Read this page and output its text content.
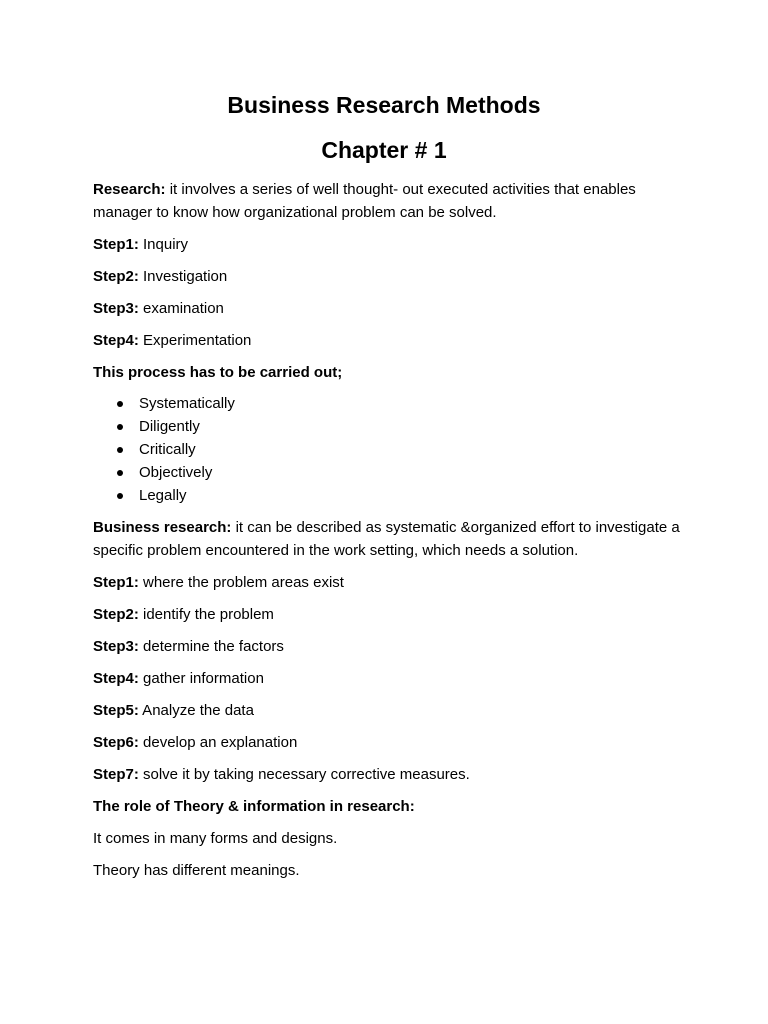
Business Research Methods
Chapter # 1

Research: it involves a series of well thought- out executed activities that enables manager to know how organizational problem can be solved.

Step1: Inquiry

Step2: Investigation

Step3: examination

Step4: Experimentation

This process has to be carried out;

Systematically
Diligently
Critically
Objectively
Legally

Business research: it can be described as systematic &organized effort to investigate a specific problem encountered in the work setting, which needs a solution.

Step1: where the problem areas exist

Step2: identify the problem

Step3: determine the factors

Step4: gather information

Step5: Analyze the data

Step6: develop an explanation

Step7: solve it by taking necessary corrective measures.

The role of Theory & information in research:

It comes in many forms and designs.

Theory has different meanings.
